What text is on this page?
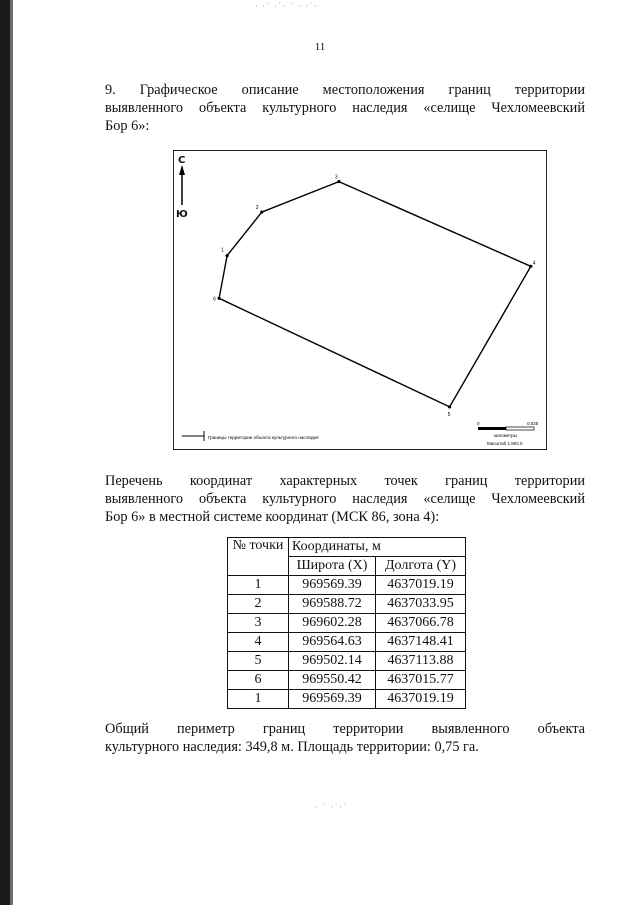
· ·˙ ·˙· ˙ · ·˙·
· ˙ ·˙·˙
11
9. Графическое описание местоположения границ территории
выявленного объекта культурного наследия «селище Чехломеевский
Бор 6»:
1
2
3
4
5
6
Границы территории объекта культурного наследия
0	0.025
километры
Масштаб 1:802.0
С
Ю
Перечень координат характерных точек границ территории
выявленного объекта культурного наследия «селище Чехломеевский
Бор 6» в местной системе координат (МСК 86, зона 4):
№ точки	Координаты, м	
	Широта (X)	Долгота (Y)
1	969569.39	4637019.19
2	969588.72	4637033.95
3	969602.28	4637066.78
4	969564.63	4637148.41
5	969502.14	4637113.88
6	969550.42	4637015.77
1	969569.39	4637019.19
Общий периметр границ территории выявленного объекта
культурного наследия: 349,8 м. Площадь территории: 0,75 га.
